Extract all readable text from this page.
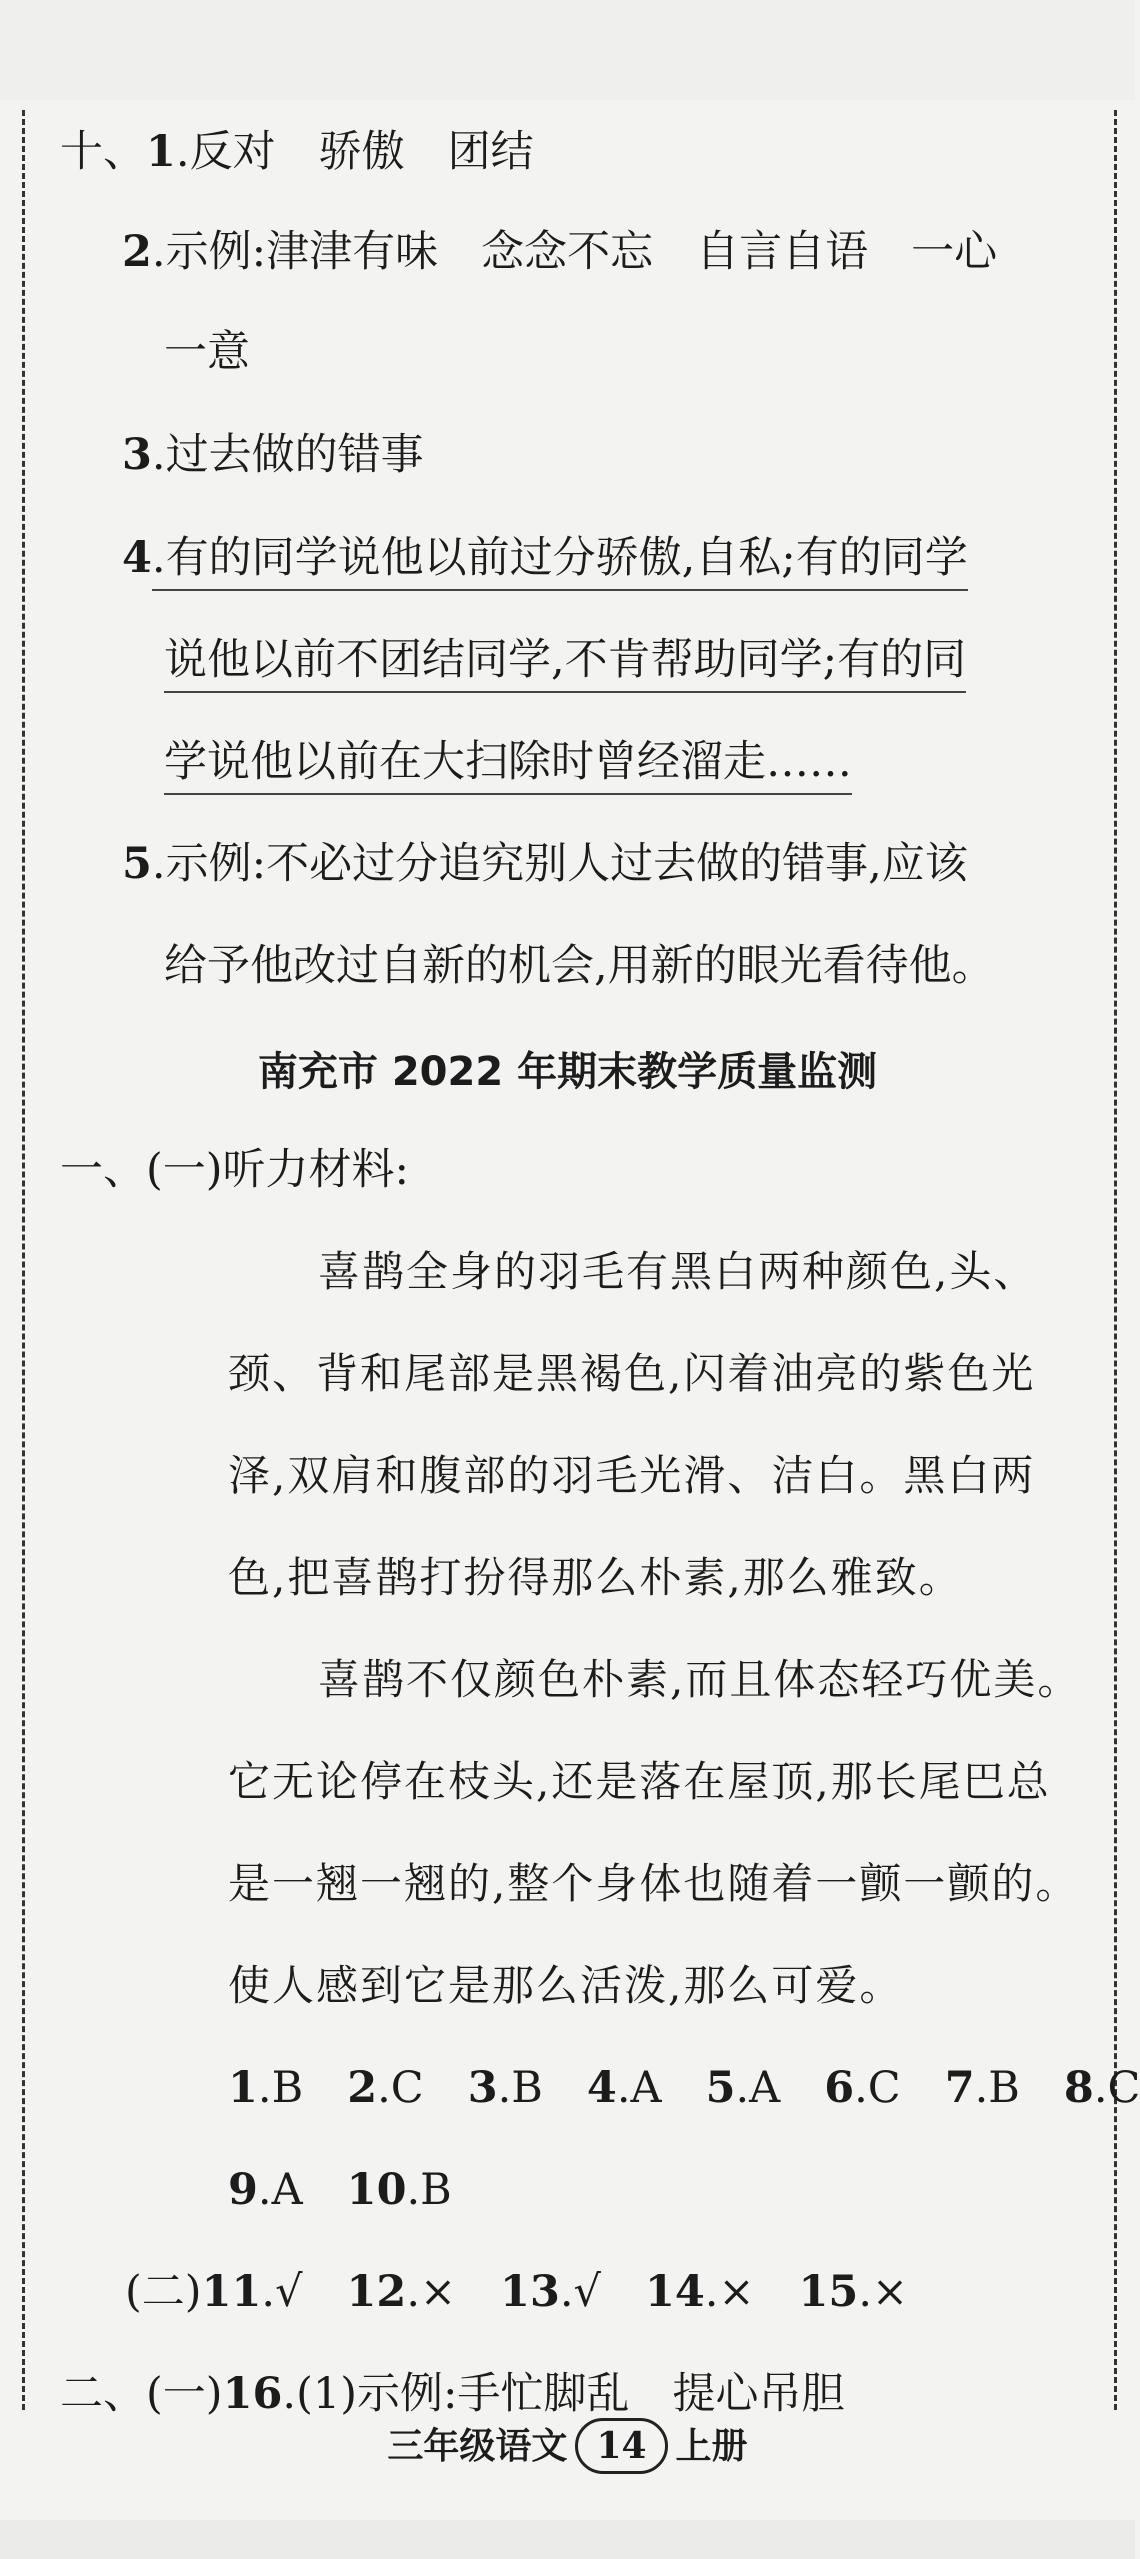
十、1.反对　骄傲　团结
2.示例:津津有味　念念不忘　自言自语　一心
一意
3.过去做的错事
4.有的同学说他以前过分骄傲,自私;有的同学
说他以前不团结同学,不肯帮助同学;有的同
学说他以前在大扫除时曾经溜走……
5.示例:不必过分追究别人过去做的错事,应该
给予他改过自新的机会,用新的眼光看待他。
南充市 2022 年期末教学质量监测
一、(一)听力材料:
喜鹊全身的羽毛有黑白两种颜色,头、
颈、背和尾部是黑褐色,闪着油亮的紫色光
泽,双肩和腹部的羽毛光滑、洁白。黑白两
色,把喜鹊打扮得那么朴素,那么雅致。
喜鹊不仅颜色朴素,而且体态轻巧优美。
它无论停在枝头,还是落在屋顶,那长尾巴总
是一翘一翘的,整个身体也随着一颤一颤的。
使人感到它是那么活泼,那么可爱。
1.B 2.C 3.B 4.A 5.A 6.C 7.B 8.C
9.A 10.B
(二)11.√ 12.× 13.√ 14.× 15.×
二、(一)16.(1)示例:手忙脚乱　提心吊胆
三年级语文 14 上册
